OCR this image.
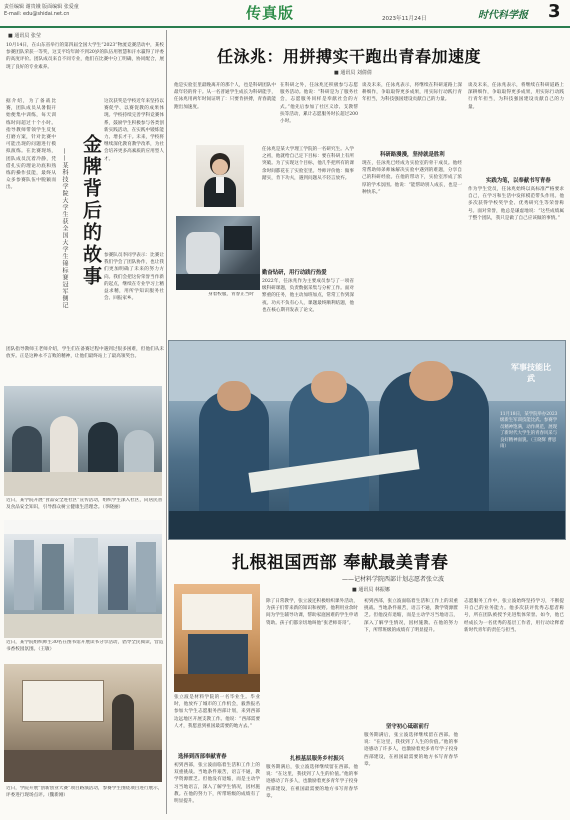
责任编辑 谢贵娥 版面编辑 张爱童
E-mail: edu@shidai.net.cn	传真版	2023年11月24日	时代科学报 3
■ 通讯员 张莹
10月14日，在山东省举行的第四届全国大学生“2023”物流竞赛活动中，某校参赛团队荣获一等奖，这支平均年龄不到20岁的队伍用智慧和汗水赢得了评委的高度评价。团队成员来自不同专业，他们在比赛中分工明确，协同配合，展现了良好的专业素养。
据介绍，为了备战比赛，团队成员从暑假开始便集中训练，每天训练时间超过十个小时。指导教师带领学生反复打磨方案，针对比赛中可能出现的问题进行模拟演练。在比赛现场，团队成员沉着冷静，凭借扎实的理论功底和熟练的操作技能，最终从众多参赛队伍中脱颖而出。	——某科技学院大学生获全国大学生锦标赛冠军侧记 金牌背后的故事
这次获奖是学校近年来坚持以赛促学、以赛促教的成果体现。学校持续完善学科竞赛体系，鼓励学生积极参与各类创新实践活动，在实践中锻炼能力、增长才干。未来，学校将继续深化教育教学改革，为社会培养更多高素质的应用型人才。
参赛队员李同学表示：比赛让我们学会了团队协作，也让我们更加明确了未来的努力方向。我们会把这份荣誉当作新的起点，继续在专业学习上精益求精，用所学知识服务社会、回报家乡。
团队指导教师王老师介绍，学生们在备赛过程中遇到过很多困难，但他们从未放弃。正是这种永不言败的精神，让他们最终站上了最高领奖台。
近日，某学院开展“食品安全进社区”宣传活动，组织学生深入社区，向居民普及食品安全知识，引导群众树立健康生活理念。（李晓丽）
近日，某学院组织师生30名在图书馆开展读书分享活动，倡导全民阅读，营造书香校园氛围。（王敏）
近日，学院开展“创新创业大赛”项目路演活动，参赛学生围绕项目进行展示，评委进行现场点评。（魏新刚）
任泳兆：用拼搏实干跑出青春加速度
■ 通讯员 刘倩倩
他是实验室里最晚离开的那个人，也是科研团队中最年轻的骨干。从一名普通学生成长为科研能手，任泳兆用两年时间证明了：只要肯拼搏，青春就能跑出加速度。
身着校服，青春正当时
任泳兆是某大学理工学院的一名研究生。入学之初，他就给自己定下目标：要在科研上有所突破。为了实现这个目标，他几乎把所有的课余时间都花在了实验室里。导师评价他：做事踏实，肯下功夫，遇到问题从不轻言放弃。
勤奋钻研，用行动践行热爱
2022年，任泳兆作为主要成员参与了一项省级科研课题，负责数据采集与分析工作。面对繁重的任务，他主动加班加点，常常工作到深夜。功夫不负有心人，课题最终顺利结题，他也在核心期刊发表了论文。
在科研之外，任泳兆还积极参与志愿服务活动。他说：“科研是为了服务社会，志愿服务同样是奉献社会的方式。”他先后参加了社区义诊、支教帮扶等活动，累计志愿服务时长超过200小时。
谈及未来，任泳兆表示，将继续在科研道路上深耕细作，争取取得更多成果，用实际行动践行青年担当，为科技强国建设贡献自己的力量。
科研路漫漫，坚持就是胜利
现在，任泳兆已经成为实验室的骨干成员。他经常帮助师弟师妹解决实验中遇到的难题，分享自己的科研经验。在他的带动下，实验室形成了浓厚的学术氛围。他说：“能帮助别人成长，也是一种快乐。”
谈及未来，任泳兆表示，将继续在科研道路上深耕细作，争取取得更多成果，用实际行动践行青年担当，为科技强国建设贡献自己的力量。
实践为笔，以奉献书写青春
作为学生党员，任泳兆始终以高标准严格要求自己，在学习和生活中发挥模范带头作用。他多次获得学校奖学金、优秀研究生等荣誉称号。面对荣誉，他总是谦虚地说：“这些成绩属于整个团队，我只是做了自己应该做的事情。”
军事技能比武
11月18日，某学院举办2023级新生军训技能比武。参赛学员精神饱满，动作规范，展现了新时代大学生的青春风采与良好精神面貌。（王晓辉 曹思雨）
扎根祖国西部 奉献最美青春
——记材料学院西部计划志愿者张立波
■ 通讯员 林振娜
张立波是材料学院的一名毕业生。毕业时，他放弃了城市的工作机会，毅然报名参加大学生志愿服务西部计划，来到西部边远地区开展支教工作。他说：“西部需要人才，我愿意到祖国最需要的地方去。”
选择到西部奉献青春
初到西部，张立波面临着生活和工作上的双重挑战。当地条件艰苦，语言不通，教学资源匮乏。但他没有退缩，而是主动学习当地语言，深入了解学生情况，因材施教。在他的努力下，所带班级的成绩有了明显提升。
除了日常教学，张立波还积极组织课外活动，为孩子们带来新的知识和视野。他利用业余时间为学生辅导功课，帮助家庭困难的学生申请资助。孩子们都亲切地叫他“张老师哥哥”。
扎根基层服务乡村振兴
服务期满后，张立波选择继续留在西部。他说：“在这里，我找到了人生的价值。”他的事迹感动了许多人，也激励着更多青年学子投身西部建设，在祖国最需要的地方书写青春华章。
初到西部，张立波面临着生活和工作上的双重挑战。当地条件艰苦，语言不通，教学资源匮乏。但他没有退缩，而是主动学习当地语言，深入了解学生情况，因材施教。在他的努力下，所带班级的成绩有了明显提升。
坚守初心砥砺前行
服务期满后，张立波选择继续留在西部。他说：“在这里，我找到了人生的价值。”他的事迹感动了许多人，也激励着更多青年学子投身西部建设，在祖国最需要的地方书写青春华章。
志愿服务工作中，张立波始终坚持学习，不断提升自己的业务能力。他多次获评优秀志愿者称号，所在团队被授予先进集体荣誉。如今，他已经成长为一名优秀的基层工作者，用行动诠释着新时代青年的责任与担当。
